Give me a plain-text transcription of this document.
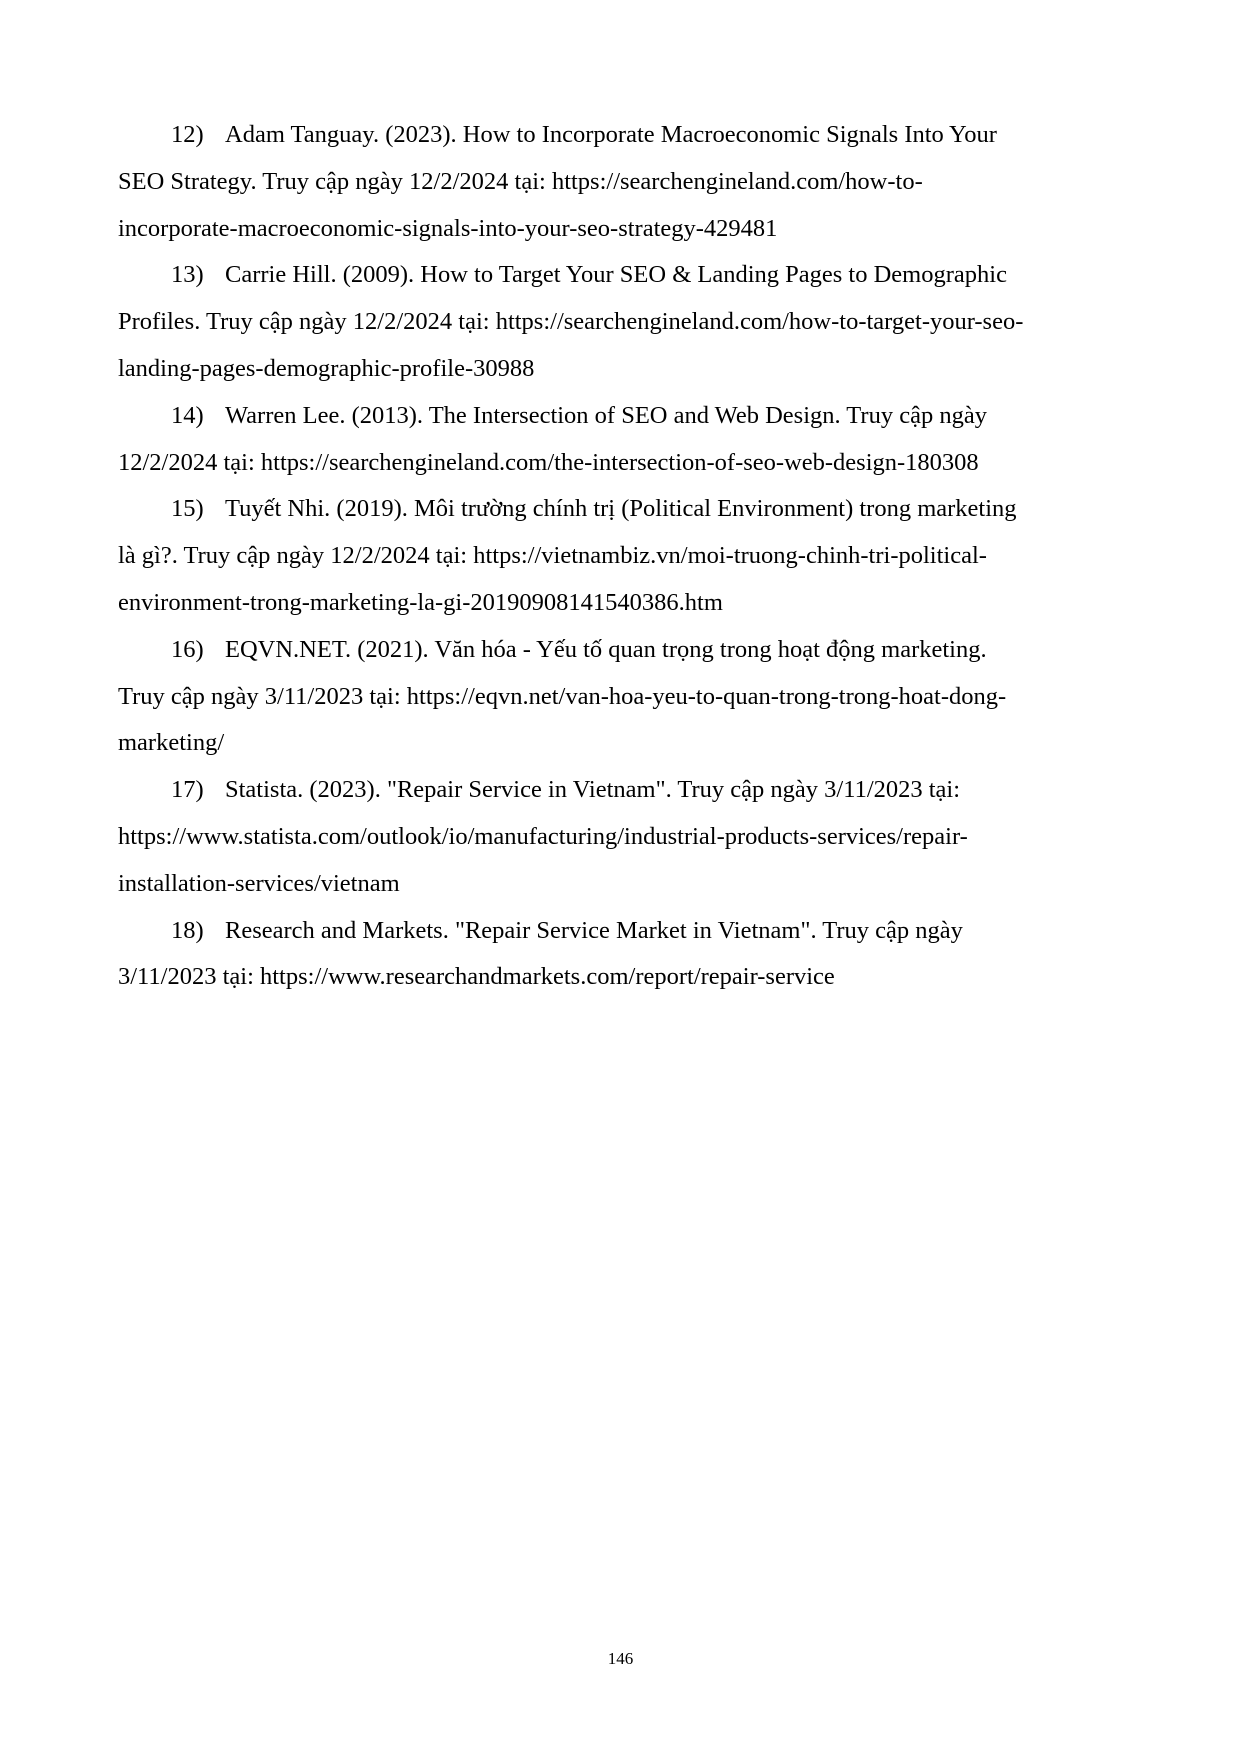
12) Adam Tanguay. (2023). How to Incorporate Macroeconomic Signals Into Your
SEO Strategy. Truy cập ngày 12/2/2024 tại: https://searchengineland.com/how-to-
incorporate-macroeconomic-signals-into-your-seo-strategy-429481
13) Carrie Hill. (2009). How to Target Your SEO & Landing Pages to Demographic
Profiles. Truy cập ngày 12/2/2024 tại: https://searchengineland.com/how-to-target-your-seo-
landing-pages-demographic-profile-30988
14) Warren Lee. (2013). The Intersection of SEO and Web Design. Truy cập ngày
12/2/2024 tại: https://searchengineland.com/the-intersection-of-seo-web-design-180308
15) Tuyết Nhi. (2019). Môi trường chính trị (Political Environment) trong marketing
là gì?. Truy cập ngày 12/2/2024 tại: https://vietnambiz.vn/moi-truong-chinh-tri-political-
environment-trong-marketing-la-gi-20190908141540386.htm
16) EQVN.NET. (2021). Văn hóa - Yếu tố quan trọng trong hoạt động marketing.
Truy cập ngày 3/11/2023 tại: https://eqvn.net/van-hoa-yeu-to-quan-trong-trong-hoat-dong-
marketing/
17) Statista. (2023). "Repair Service in Vietnam". Truy cập ngày 3/11/2023 tại:
https://www.statista.com/outlook/io/manufacturing/industrial-products-services/repair-
installation-services/vietnam
18) Research and Markets. "Repair Service Market in Vietnam". Truy cập ngày
3/11/2023 tại: https://www.researchandmarkets.com/report/repair-service
146
